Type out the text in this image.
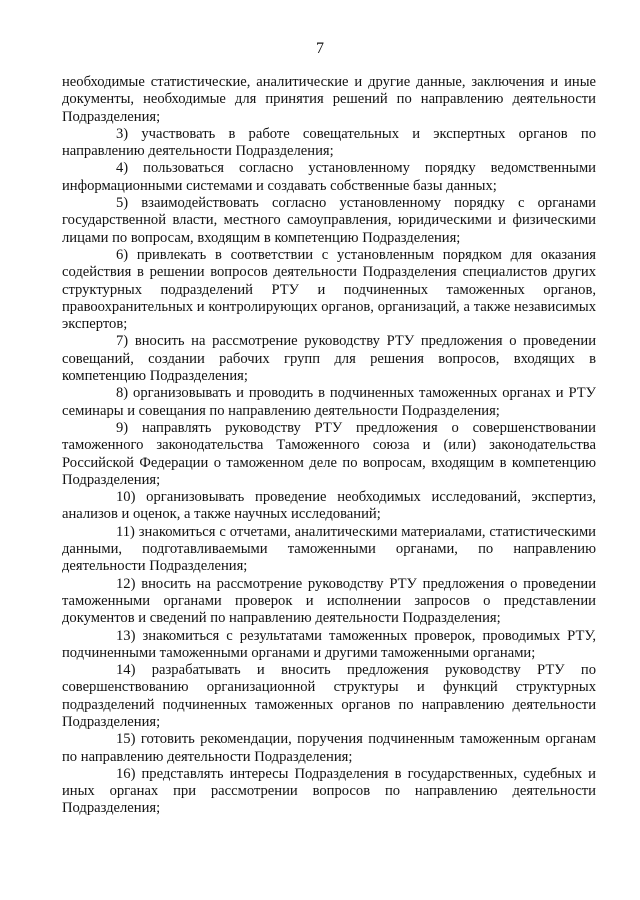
7

необходимые статистические, аналитические и другие данные, заключения и иные документы, необходимые для принятия решений по направлению деятельности Подразделения;

3) участвовать в работе совещательных и экспертных органов по направлению деятельности Подразделения;

4) пользоваться согласно установленному порядку ведомственными информационными системами и создавать собственные базы данных;

5) взаимодействовать согласно установленному порядку с органами государственной власти, местного самоуправления, юридическими и физическими лицами по вопросам, входящим в компетенцию Подразделения;

6) привлекать в соответствии с установленным порядком для оказания содействия в решении вопросов деятельности Подразделения специалистов других структурных подразделений РТУ и подчиненных таможенных органов, правоохранительных и контролирующих органов, организаций, а также независимых экспертов;

7) вносить на рассмотрение руководству РТУ предложения о проведении совещаний, создании рабочих групп для решения вопросов, входящих в компетенцию Подразделения;

8) организовывать и проводить в подчиненных таможенных органах и РТУ семинары и совещания по направлению деятельности Подразделения;

9) направлять руководству РТУ предложения о совершенствовании таможенного законодательства Таможенного союза и (или) законодательства Российской Федерации о таможенном деле по вопросам, входящим в компетенцию Подразделения;

10) организовывать проведение необходимых исследований, экспертиз, анализов и оценок, а также научных исследований;

11) знакомиться с отчетами, аналитическими материалами, статистическими данными, подготавливаемыми таможенными органами, по направлению деятельности Подразделения;

12) вносить на рассмотрение руководству РТУ предложения о проведении таможенными органами проверок и исполнении запросов о представлении документов и сведений по направлению деятельности Подразделения;

13) знакомиться с результатами таможенных проверок, проводимых РТУ, подчиненными таможенными органами и другими таможенными органами;

14) разрабатывать и вносить предложения руководству РТУ по совершенствованию организационной структуры и функций структурных подразделений подчиненных таможенных органов по направлению деятельности Подразделения;

15) готовить рекомендации, поручения подчиненным таможенным органам по направлению деятельности Подразделения;

16) представлять интересы Подразделения в государственных, судебных и иных органах при рассмотрении вопросов по направлению деятельности Подразделения;
